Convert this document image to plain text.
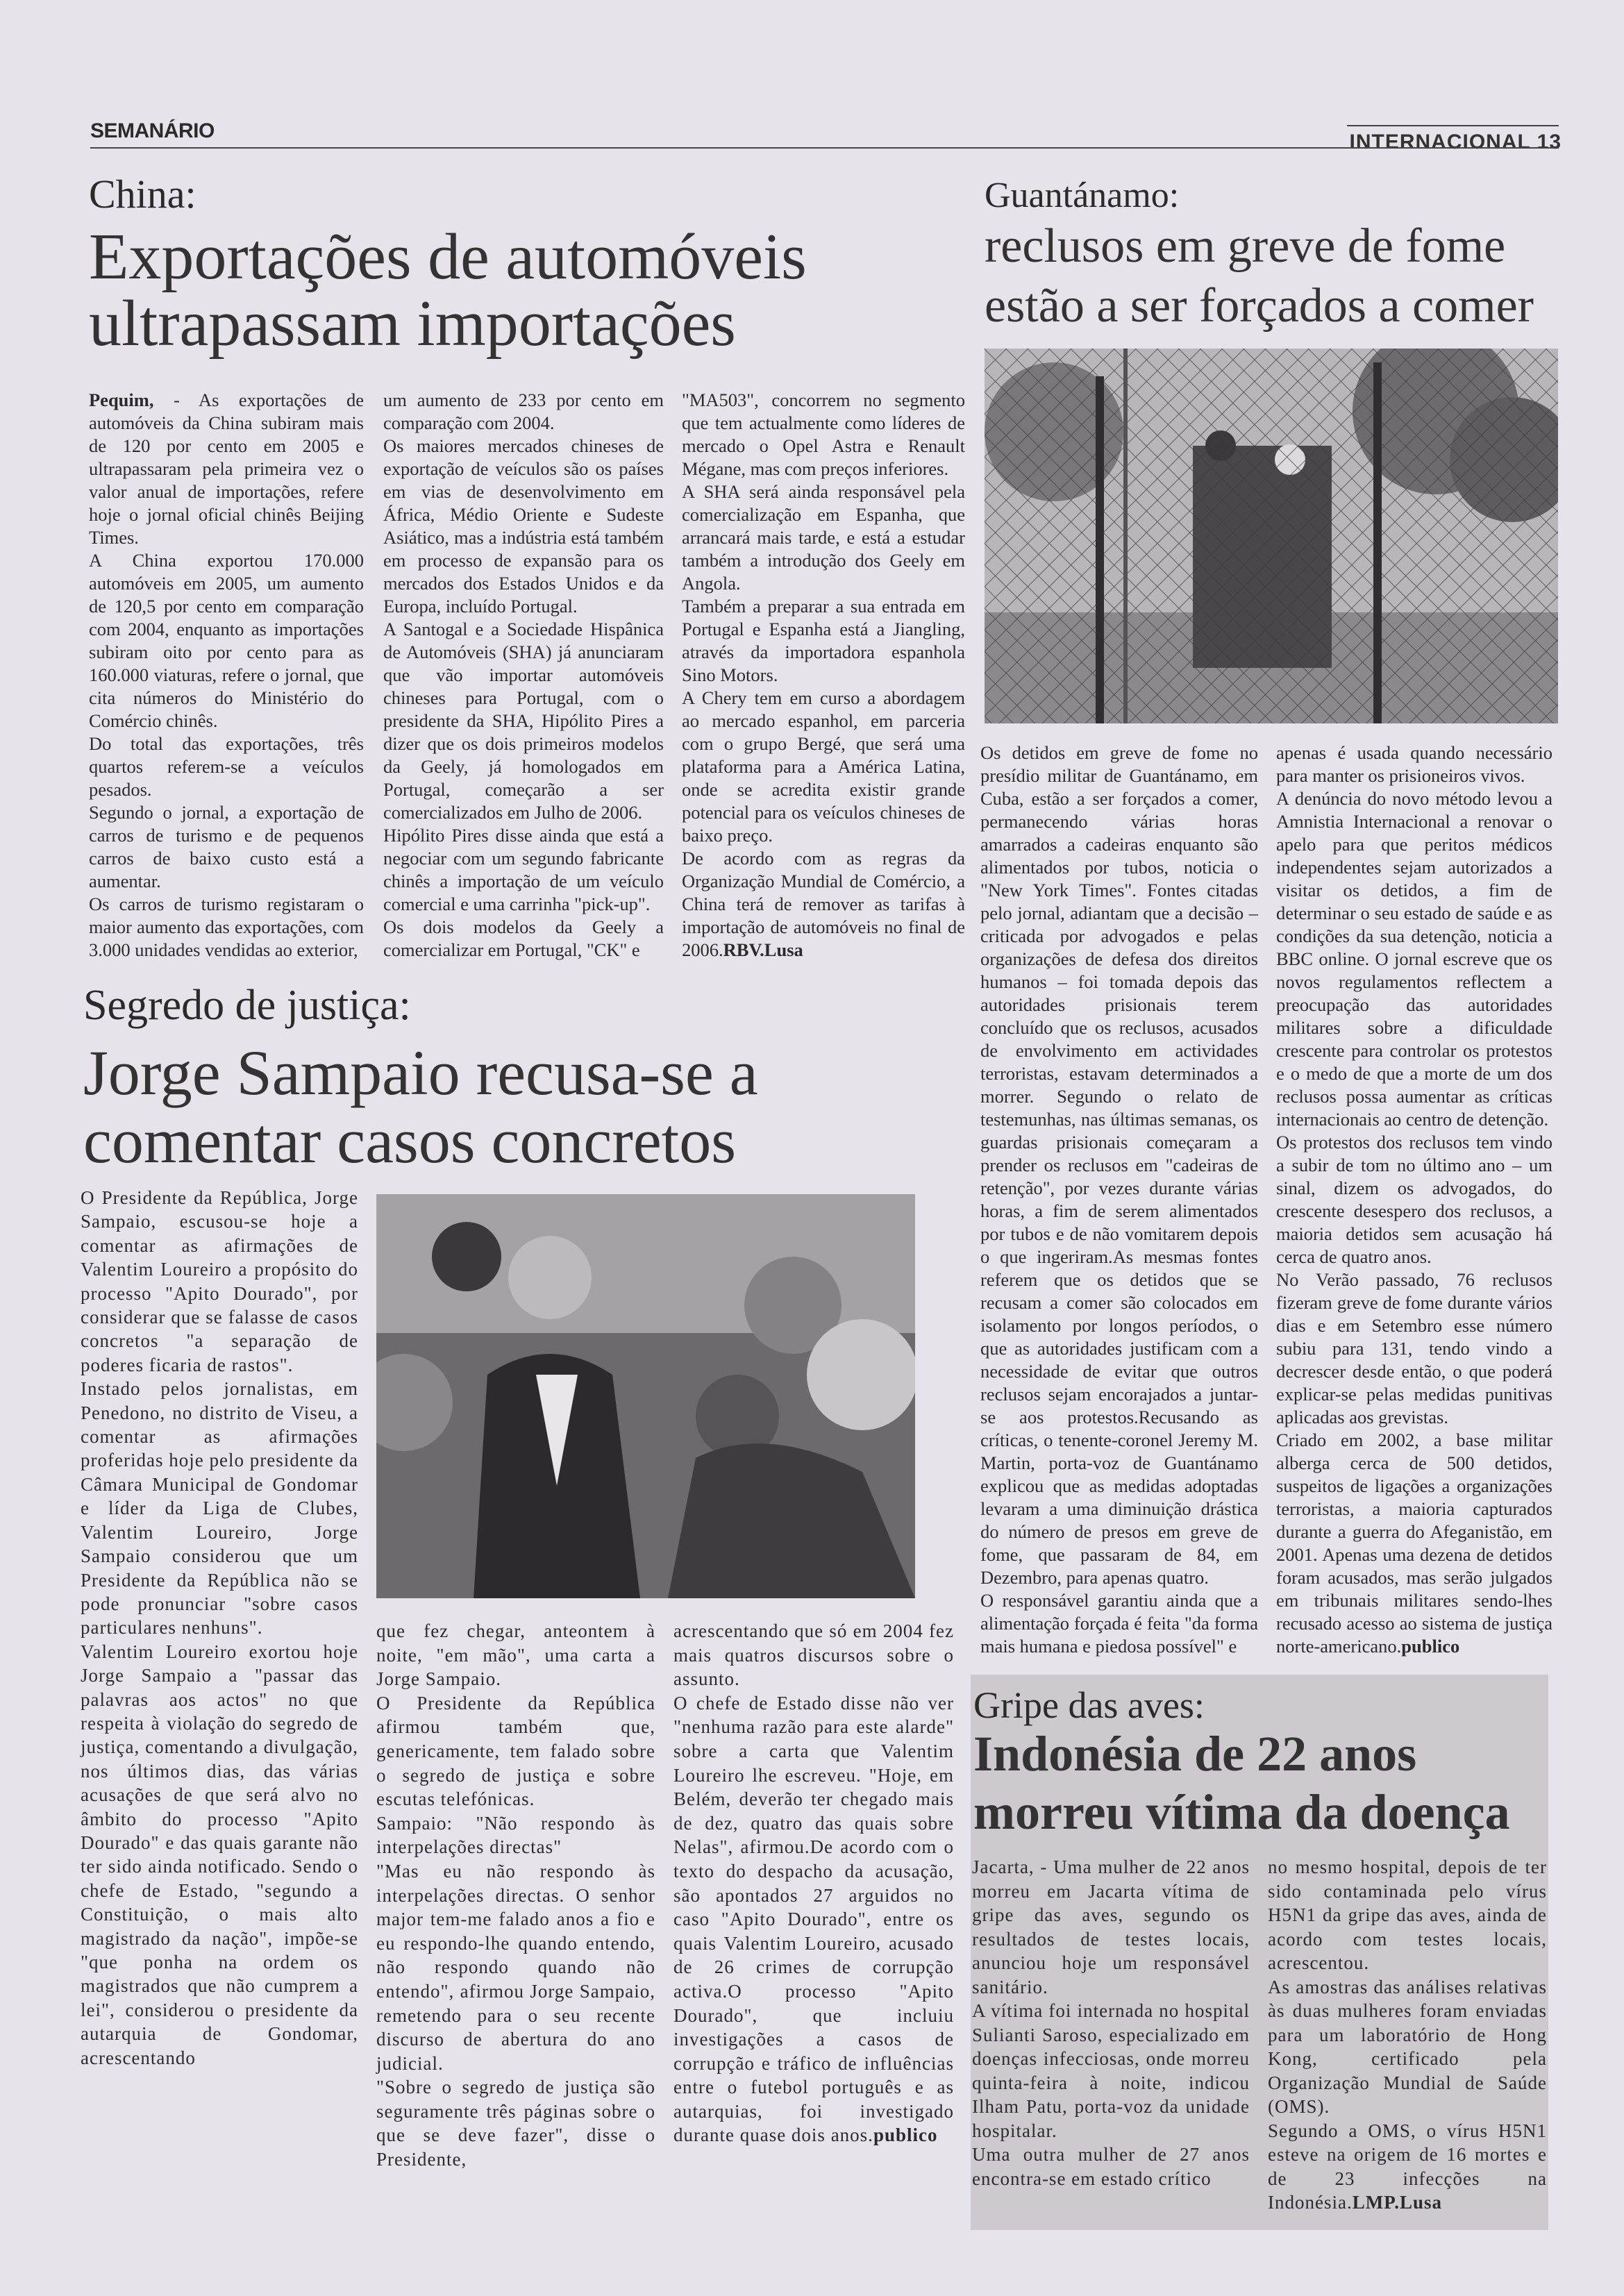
SEMANÁRIO	INTERNACIONAL 13
China:
Exportações de automóveis ultrapassam importações

Pequim, - As exportações de automóveis da China subiram mais de 120 por cento em 2005 e ultrapassaram pela primeira vez o valor anual de importações, refere hoje o jornal oficial chinês Beijing Times.

A China exportou 170.000 automóveis em 2005, um aumento de 120,5 por cento em comparação com 2004, enquanto as importações subiram oito por cento para as 160.000 viaturas, refere o jornal, que cita números do Ministério do Comércio chinês.

Do total das exportações, três quartos referem-se a veículos pesados.

Segundo o jornal, a exportação de carros de turismo e de pequenos carros de baixo custo está a aumentar.

Os carros de turismo registaram o maior aumento das exportações, com 3.000 unidades vendidas ao exterior,

um aumento de 233 por cento em comparação com 2004.

Os maiores mercados chineses de exportação de veículos são os países em vias de desenvolvimento em África, Médio Oriente e Sudeste Asiático, mas a indústria está também em processo de expansão para os mercados dos Estados Unidos e da Europa, incluído Portugal.

A Santogal e a Sociedade Hispânica de Automóveis (SHA) já anunciaram que vão importar automóveis chineses para Portugal, com o presidente da SHA, Hipólito Pires a dizer que os dois primeiros modelos da Geely, já homologados em Portugal, começarão a ser comercializados em Julho de 2006.

Hipólito Pires disse ainda que está a negociar com um segundo fabricante chinês a importação de um veículo comercial e uma carrinha "pick-up".

Os dois modelos da Geely a comercializar em Portugal, "CK" e

"MA503", concorrem no segmento que tem actualmente como líderes de mercado o Opel Astra e Renault Mégane, mas com preços inferiores.

A SHA será ainda responsável pela comercialização em Espanha, que arrancará mais tarde, e está a estudar também a introdução dos Geely em Angola.

Também a preparar a sua entrada em Portugal e Espanha está a Jiangling, através da importadora espanhola Sino Motors.

A Chery tem em curso a abordagem ao mercado espanhol, em parceria com o grupo Bergé, que será uma plataforma para a América Latina, onde se acredita existir grande potencial para os veículos chineses de baixo preço.

De acordo com as regras da Organização Mundial de Comércio, a China terá de remover as tarifas à importação de automóveis no final de 2006.RBV.Lusa

Guantánamo:
reclusos em greve de fome estão a ser forçados a comer

Os detidos em greve de fome no presídio militar de Guantánamo, em Cuba, estão a ser forçados a comer, permanecendo várias horas amarrados a cadeiras enquanto são alimentados por tubos, noticia o "New York Times". Fontes citadas pelo jornal, adiantam que a decisão – criticada por advogados e pelas organizações de defesa dos direitos humanos – foi tomada depois das autoridades prisionais terem concluído que os reclusos, acusados de envolvimento em actividades terroristas, estavam determinados a morrer. Segundo o relato de testemunhas, nas últimas semanas, os guardas prisionais começaram a prender os reclusos em "cadeiras de retenção", por vezes durante várias horas, a fim de serem alimentados por tubos e de não vomitarem depois o que ingeriram.As mesmas fontes referem que os detidos que se recusam a comer são colocados em isolamento por longos períodos, o que as autoridades justificam com a necessidade de evitar que outros reclusos sejam encorajados a juntar-se aos protestos.Recusando as críticas, o tenente-coronel Jeremy M. Martin, porta-voz de Guantánamo explicou que as medidas adoptadas levaram a uma diminuição drástica do número de presos em greve de fome, que passaram de 84, em Dezembro, para apenas quatro.

O responsável garantiu ainda que a alimentação forçada é feita "da forma mais humana e piedosa possível" e

apenas é usada quando necessário para manter os prisioneiros vivos.

A denúncia do novo método levou a Amnistia Internacional a renovar o apelo para que peritos médicos independentes sejam autorizados a visitar os detidos, a fim de determinar o seu estado de saúde e as condições da sua detenção, noticia a BBC online. O jornal escreve que os novos regulamentos reflectem a preocupação das autoridades militares sobre a dificuldade crescente para controlar os protestos e o medo de que a morte de um dos reclusos possa aumentar as críticas internacionais ao centro de detenção.

Os protestos dos reclusos tem vindo a subir de tom no último ano – um sinal, dizem os advogados, do crescente desespero dos reclusos, a maioria detidos sem acusação há cerca de quatro anos.

No Verão passado, 76 reclusos fizeram greve de fome durante vários dias e em Setembro esse número subiu para 131, tendo vindo a decrescer desde então, o que poderá explicar-se pelas medidas punitivas aplicadas aos grevistas.

Criado em 2002, a base militar alberga cerca de 500 detidos, suspeitos de ligações a organizações terroristas, a maioria capturados durante a guerra do Afeganistão, em 2001. Apenas uma dezena de detidos foram acusados, mas serão julgados em tribunais militares sendo-lhes recusado acesso ao sistema de justiça norte-americano.publico

Segredo de justiça:
Jorge Sampaio recusa-se a comentar casos concretos

O Presidente da República, Jorge Sampaio, escusou-se hoje a comentar as afirmações de Valentim Loureiro a propósito do processo "Apito Dourado", por considerar que se falasse de casos concretos "a separação de poderes ficaria de rastos".

Instado pelos jornalistas, em Penedono, no distrito de Viseu, a comentar as afirmações proferidas hoje pelo presidente da Câmara Municipal de Gondomar e líder da Liga de Clubes, Valentim Loureiro, Jorge Sampaio considerou que um Presidente da República não se pode pronunciar "sobre casos particulares nenhuns".

Valentim Loureiro exortou hoje Jorge Sampaio a "passar das palavras aos actos" no que respeita à violação do segredo de justiça, comentando a divulgação, nos últimos dias, das várias acusações de que será alvo no âmbito do processo "Apito Dourado" e das quais garante não ter sido ainda notificado. Sendo o chefe de Estado, "segundo a Constituição, o mais alto magistrado da nação", impõe-se "que ponha na ordem os magistrados que não cumprem a lei", considerou o presidente da autarquia de Gondomar, acrescentando

que fez chegar, anteontem à noite, "em mão", uma carta a Jorge Sampaio.

O Presidente da República afirmou também que, genericamente, tem falado sobre o segredo de justiça e sobre escutas telefónicas.

Sampaio: "Não respondo às interpelações directas"

"Mas eu não respondo às interpelações directas. O senhor major tem-me falado anos a fio e eu respondo-lhe quando entendo, não respondo quando não entendo", afirmou Jorge Sampaio, remetendo para o seu recente discurso de abertura do ano judicial.

"Sobre o segredo de justiça são seguramente três páginas sobre o que se deve fazer", disse o Presidente,

acrescentando que só em 2004 fez mais quatros discursos sobre o assunto.

O chefe de Estado disse não ver "nenhuma razão para este alarde" sobre a carta que Valentim Loureiro lhe escreveu. "Hoje, em Belém, deverão ter chegado mais de dez, quatro das quais sobre Nelas", afirmou.De acordo com o texto do despacho da acusação, são apontados 27 arguidos no caso "Apito Dourado", entre os quais Valentim Loureiro, acusado de 26 crimes de corrupção activa.O processo "Apito Dourado", que incluiu investigações a casos de corrupção e tráfico de influências entre o futebol português e as autarquias, foi investigado durante quase dois anos.publico

Gripe das aves:
Indonésia de 22 anos morreu vítima da doença

Jacarta, - Uma mulher de 22 anos morreu em Jacarta vítima de gripe das aves, segundo os resultados de testes locais, anunciou hoje um responsável sanitário.

A vítima foi internada no hospital Sulianti Saroso, especializado em doenças infecciosas, onde morreu quinta-feira à noite, indicou Ilham Patu, porta-voz da unidade hospitalar.

Uma outra mulher de 27 anos encontra-se em estado crítico

no mesmo hospital, depois de ter sido contaminada pelo vírus H5N1 da gripe das aves, ainda de acordo com testes locais, acrescentou.

As amostras das análises relativas às duas mulheres foram enviadas para um laboratório de Hong Kong, certificado pela Organização Mundial de Saúde (OMS).

Segundo a OMS, o vírus H5N1 esteve na origem de 16 mortes e de 23 infecções na Indonésia.LMP.Lusa
